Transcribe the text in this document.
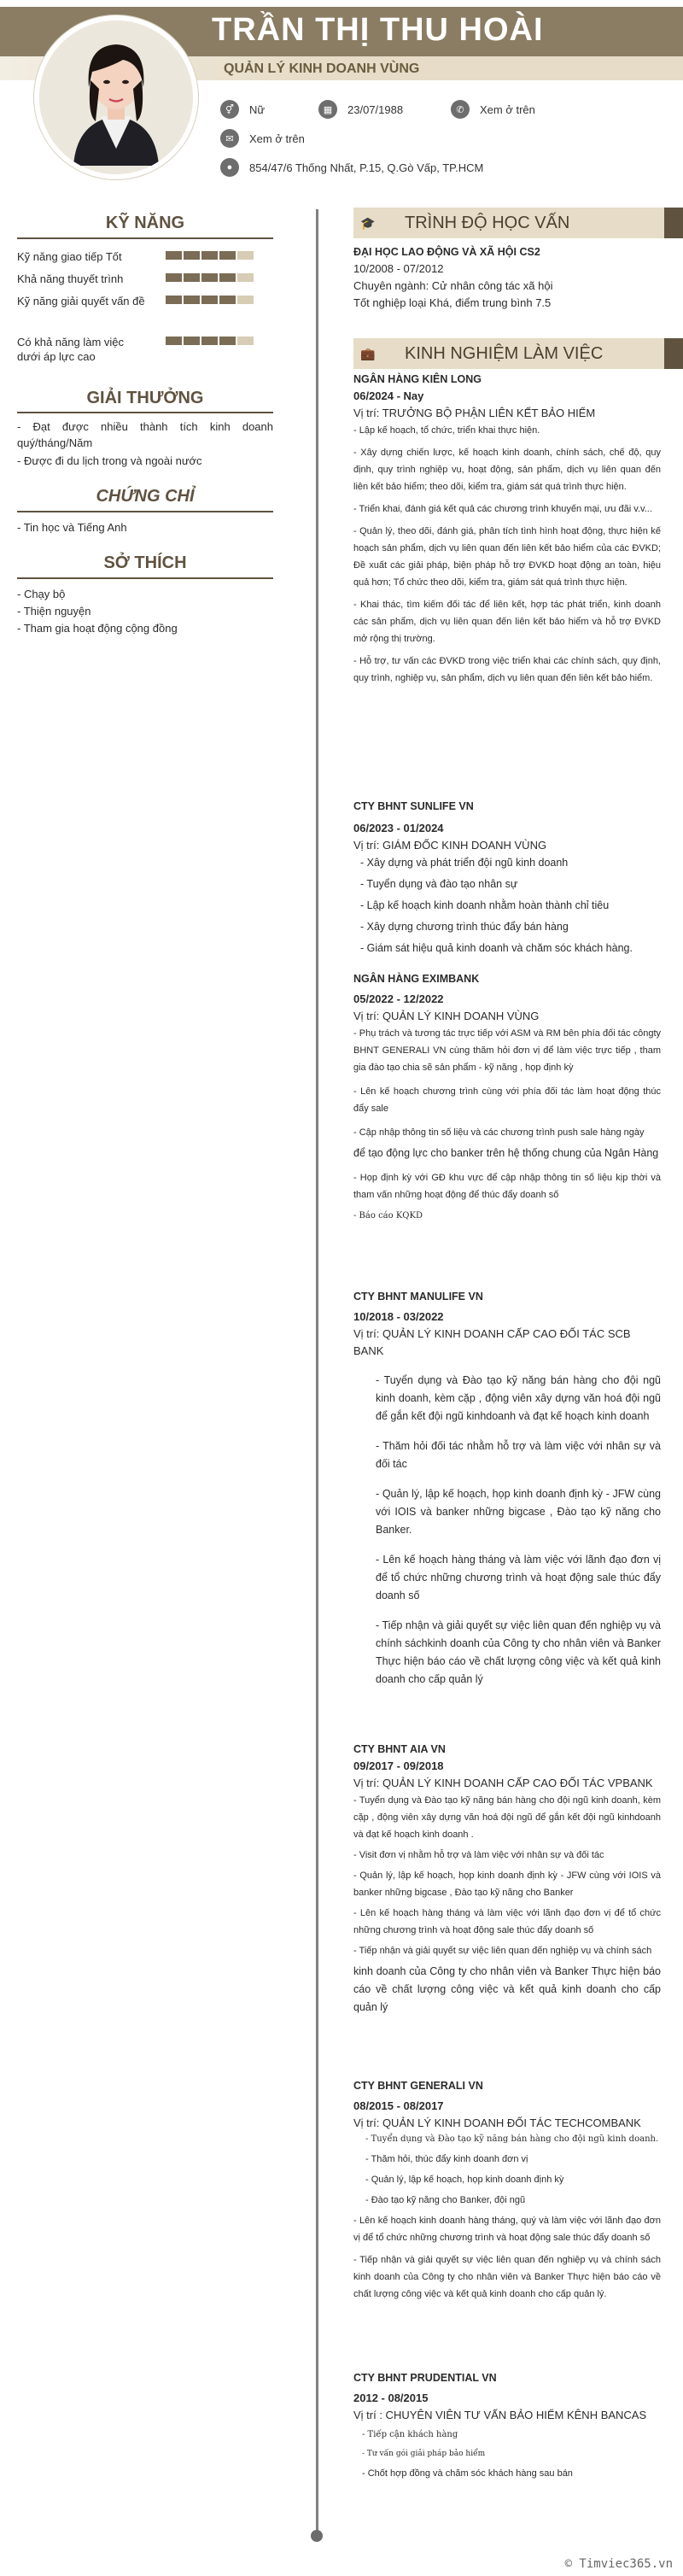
TRẦN THỊ THU HOÀI
QUẢN LÝ KINH DOANH VÙNG
⚥	Nữ	▦	23/07/1988	✆	Xem ở trên
✉	Xem ở trên
●	854/47/6 Thống Nhất, P.15, Q.Gò Vấp, TP.HCM
KỸ NĂNG
Kỹ năng giao tiếp Tốt
Khả năng thuyết trình
Kỹ năng giải quyết vấn đề
Có khả năng làm việc dưới áp lực cao
GIẢI THƯỞNG
- Đạt được nhiều thành tích kinh doanh quý/tháng/Năm
- Được đi du lịch trong và ngoài nước
CHỨNG CHỈ
- Tin học và Tiếng Anh
SỞ THÍCH
- Chạy bộ
- Thiện nguyện
- Tham gia hoạt động cộng đồng
🎓 TRÌNH ĐỘ HỌC VẤN
ĐẠI HỌC LAO ĐỘNG VÀ XÃ HỘI CS2
10/2008 - 07/2012
Chuyên ngành: Cử nhân công tác xã hội
Tốt nghiệp loại Khá, điểm trung bình 7.5
💼 KINH NGHIỆM LÀM VIỆC
NGÂN HÀNG KIÊN LONG
06/2024 - Nay
Vị trí: TRƯỞNG BỘ PHẬN LIÊN KẾT BẢO HIỂM
- Lập kế hoạch, tổ chức, triển khai thực hiện.
- Xây dựng chiến lược, kế hoạch kinh doanh, chính sách, chế độ, quy định, quy trình nghiệp vụ, hoạt động, sản phẩm, dịch vụ liên quan đến liên kết bảo hiểm; theo dõi, kiểm tra, giám sát quá trình thực hiện.
- Triển khai, đánh giá kết quả các chương trình khuyến mại, ưu đãi v.v...
- Quản lý, theo dõi, đánh giá, phân tích tình hình hoạt động, thực hiện kế hoạch sản phẩm, dịch vụ liên quan đến liên kết bảo hiểm của các ĐVKD; Đề xuất các giải pháp, biện pháp hỗ trợ ĐVKD hoạt động an toàn, hiệu quả hơn; Tổ chức theo dõi, kiểm tra, giám sát quá trình thực hiện.
- Khai thác, tìm kiếm đối tác để liên kết, hợp tác phát triển, kinh doanh các sản phẩm, dịch vụ liên quan đến liên kết bảo hiểm và hỗ trợ ĐVKD mở rộng thị trường.
- Hỗ trợ, tư vấn các ĐVKD trong việc triển khai các chính sách, quy định, quy trình, nghiệp vụ, sản phẩm, dịch vụ liên quan đến liên kết bảo hiểm.
CTY BHNT SUNLIFE VN
06/2023 - 01/2024
Vị trí: GIÁM ĐỐC KINH DOANH VÙNG
- Xây dựng và phát triển đội ngũ kinh doanh
- Tuyển dụng và đào tạo nhân sự
- Lập kế hoạch kinh doanh nhằm hoàn thành chỉ tiêu
- Xây dựng chương trình thúc đẩy bán hàng
- Giám sát hiệu quả kinh doanh và chăm sóc khách hàng.
NGÂN HÀNG EXIMBANK
05/2022 - 12/2022
Vị trí: QUẢN LÝ KINH DOANH VÙNG
- Phụ trách và tương tác trực tiếp với ASM và RM bên phía đối tác côngty BHNT GENERALI VN cùng thăm hỏi đơn vị để làm việc trực tiếp , tham gia đào tạo chia sẽ sản phẩm - kỹ năng , họp định kỳ
- Lên kế hoạch chương trình cùng với phía đối tác làm hoạt động thúc đẩy sale
- Cập nhập thông tin số liệu và các chương trình push sale hàng ngày
để tạo động lực cho banker trên hệ thống chung của Ngân Hàng
- Họp định kỳ với GĐ khu vực để cập nhập thông tin số liệu kịp thời và tham vấn những hoạt động để thúc đẩy doanh số
- Báo cáo KQKD
CTY BHNT MANULIFE VN
10/2018 - 03/2022
Vị trí: QUẢN LÝ KINH DOANH CẤP CAO ĐỐI TÁC SCB BANK
- Tuyển dụng và Đào tạo kỹ năng bán hàng cho đội ngũ kinh doanh, kèm cặp , động viên xây dựng văn hoá đội ngũ để gắn kết đội ngũ kinhdoanh và đạt kế hoạch kinh doanh
- Thăm hỏi đối tác nhằm hỗ trợ và làm việc với nhân sự và đối tác
- Quản lý, lập kế hoạch, họp kinh doanh định kỳ - JFW cùng với IOIS và banker những bigcase , Đào tạo kỹ năng cho Banker.
- Lên kế hoạch hàng tháng và làm việc với lãnh đạo đơn vị để tổ chức những chương trình và hoạt động sale thúc đẩy doanh số
- Tiếp nhận và giải quyết sự việc liên quan đến nghiệp vụ và chính sáchkinh doanh của Công ty cho nhân viên và Banker Thực hiện báo cáo về chất lượng công việc và kết quả kinh doanh cho cấp quản lý
CTY BHNT AIA VN
09/2017 - 09/2018
Vị trí: QUẢN LÝ KINH DOANH CẤP CAO ĐỐI TÁC VPBANK
- Tuyển dụng và Đào tạo kỹ năng bán hàng cho đội ngũ kinh doanh, kèm cặp , động viên xây dựng văn hoá đội ngũ để gắn kết đội ngũ kinhdoanh và đạt kế hoạch kinh doanh .
- Visit đơn vị nhằm hỗ trợ và làm việc với nhân sự và đối tác
- Quản lý, lập kế hoạch, họp kinh doanh định kỳ - JFW cùng với IOIS và banker những bigcase , Đào tạo kỹ năng cho Banker
- Lên kế hoạch hàng tháng và làm việc với lãnh đạo đơn vị để tổ chức những chương trình và hoạt động sale thúc đẩy doanh số
- Tiếp nhận và giải quyết sự việc liên quan đến nghiệp vụ và chính sách
kinh doanh của Công ty cho nhân viên và Banker Thực hiện báo cáo về chất lượng công việc và kết quả kinh doanh cho cấp quản lý
CTY BHNT GENERALI VN
08/2015 - 08/2017
Vị trí: QUẢN LÝ KINH DOANH ĐỐI TÁC TECHCOMBANK
- Tuyển dụng và Đào tạo kỹ năng bán hàng cho đội ngũ kinh doanh.
- Thăm hỏi, thúc đẩy kinh doanh đơn vị
- Quản lý, lập kế hoạch, họp kinh doanh định kỳ
- Đào tạo kỹ năng cho Banker, đội ngũ
- Lên kế hoạch kinh doanh hàng tháng, quý và làm việc với lãnh đạo đơn vị để tổ chức những chương trình và hoạt động sale thúc đẩy doanh số
- Tiếp nhận và giải quyết sự việc liên quan đến nghiệp vụ và chính sách kinh doanh của Công ty cho nhân viên và Banker Thực hiện báo cáo về chất lượng công việc và kết quả kinh doanh cho cấp quản lý.
CTY BHNT PRUDENTIAL VN
2012 - 08/2015
Vị trí : CHUYÊN VIÊN TƯ VẤN BẢO HIỂM KÊNH BANCAS
- Tiếp cận khách hàng
- Tư vấn gói giải pháp bảo hiểm
- Chốt hợp đồng và chăm sóc khách hàng sau bán
© Timviec365.vn
